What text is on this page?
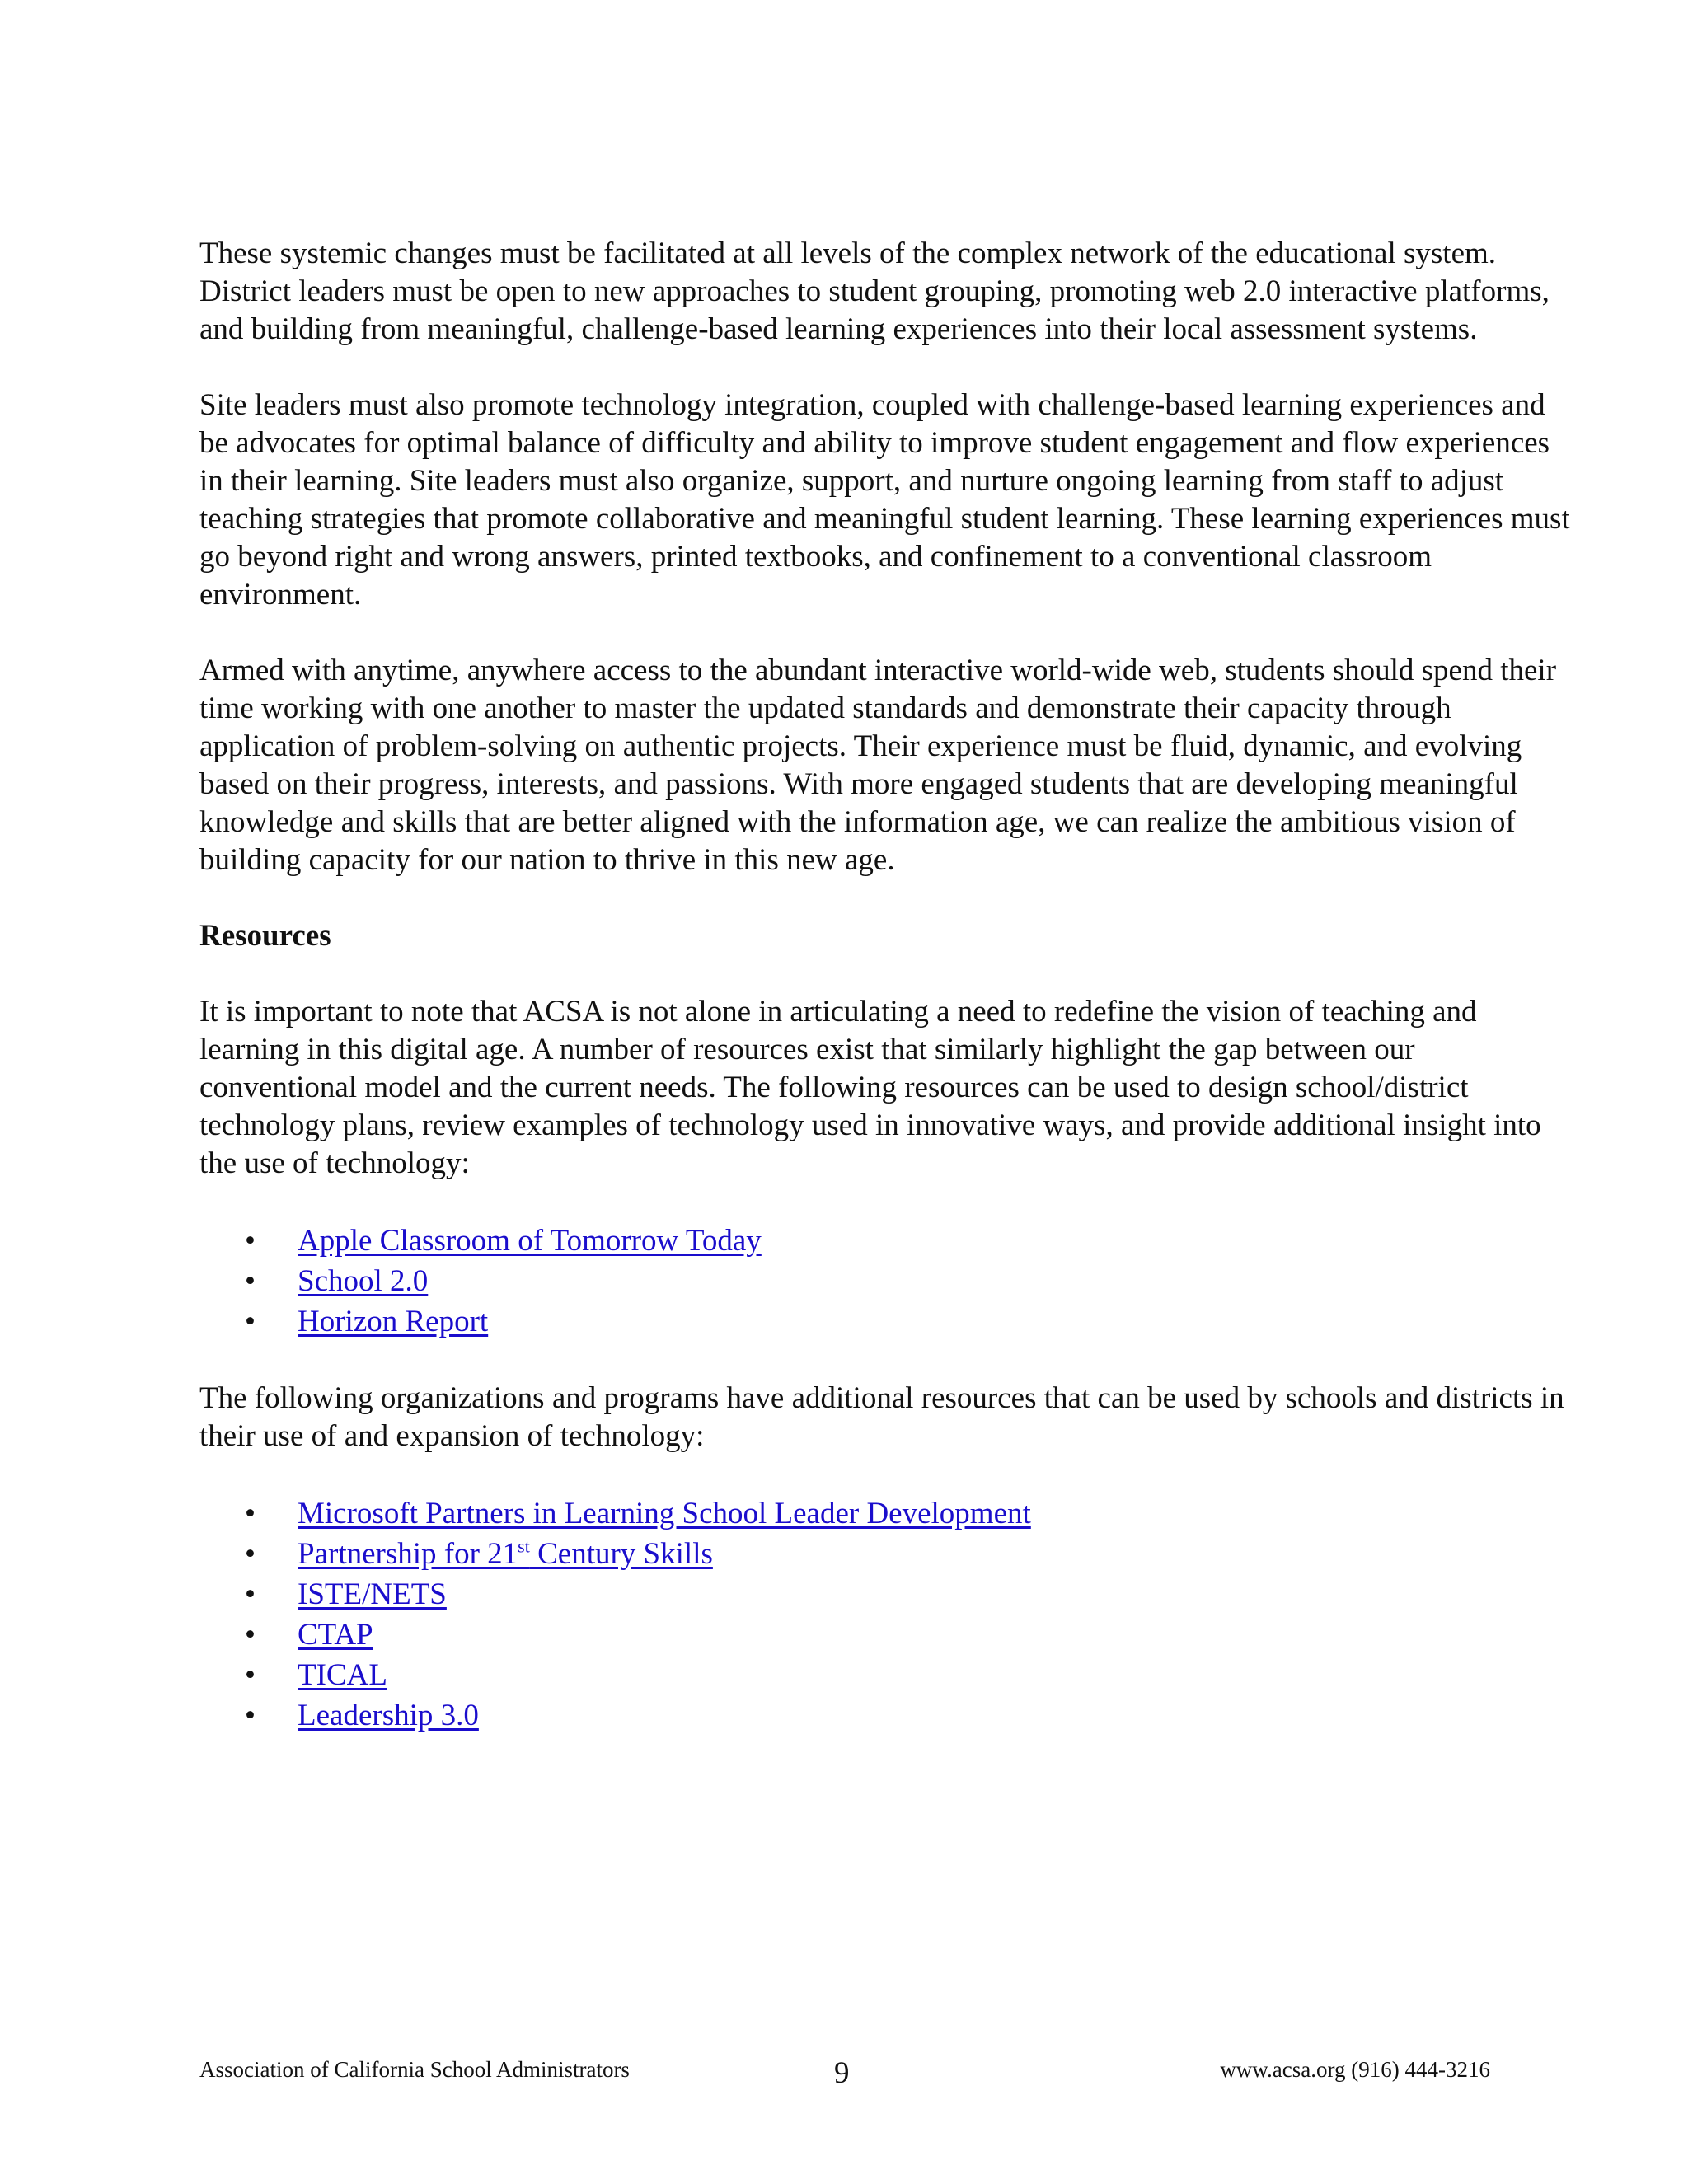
These systemic changes must be facilitated at all levels of the complex network of the educational system. District leaders must be open to new approaches to student grouping, promoting web 2.0 interactive platforms, and building from meaningful, challenge-based learning experiences into their local assessment systems.

Site leaders must also promote technology integration, coupled with challenge-based learning experiences and be advocates for optimal balance of difficulty and ability to improve student engagement and flow experiences in their learning. Site leaders must also organize, support, and nurture ongoing learning from staff to adjust teaching strategies that promote collaborative and meaningful student learning. These learning experiences must go beyond right and wrong answers, printed textbooks, and confinement to a conventional classroom environment.

Armed with anytime, anywhere access to the abundant interactive world-wide web, students should spend their time working with one another to master the updated standards and demonstrate their capacity through application of problem-solving on authentic projects. Their experience must be fluid, dynamic, and evolving based on their progress, interests, and passions. With more engaged students that are developing meaningful knowledge and skills that are better aligned with the information age, we can realize the ambitious vision of building capacity for our nation to thrive in this new age.

Resources

It is important to note that ACSA is not alone in articulating a need to redefine the vision of teaching and learning in this digital age. A number of resources exist that similarly highlight the gap between our conventional model and the current needs. The following resources can be used to design school/district technology plans, review examples of technology used in innovative ways, and provide additional insight into the use of technology:

• Apple Classroom of Tomorrow Today
• School 2.0
• Horizon Report

The following organizations and programs have additional resources that can be used by schools and districts in their use of and expansion of technology:

• Microsoft Partners in Learning School Leader Development
• Partnership for 21st Century Skills
• ISTE/NETS
• CTAP
• TICAL
• Leadership 3.0
Association of California School Administrators	9	www.acsa.org (916) 444-3216
